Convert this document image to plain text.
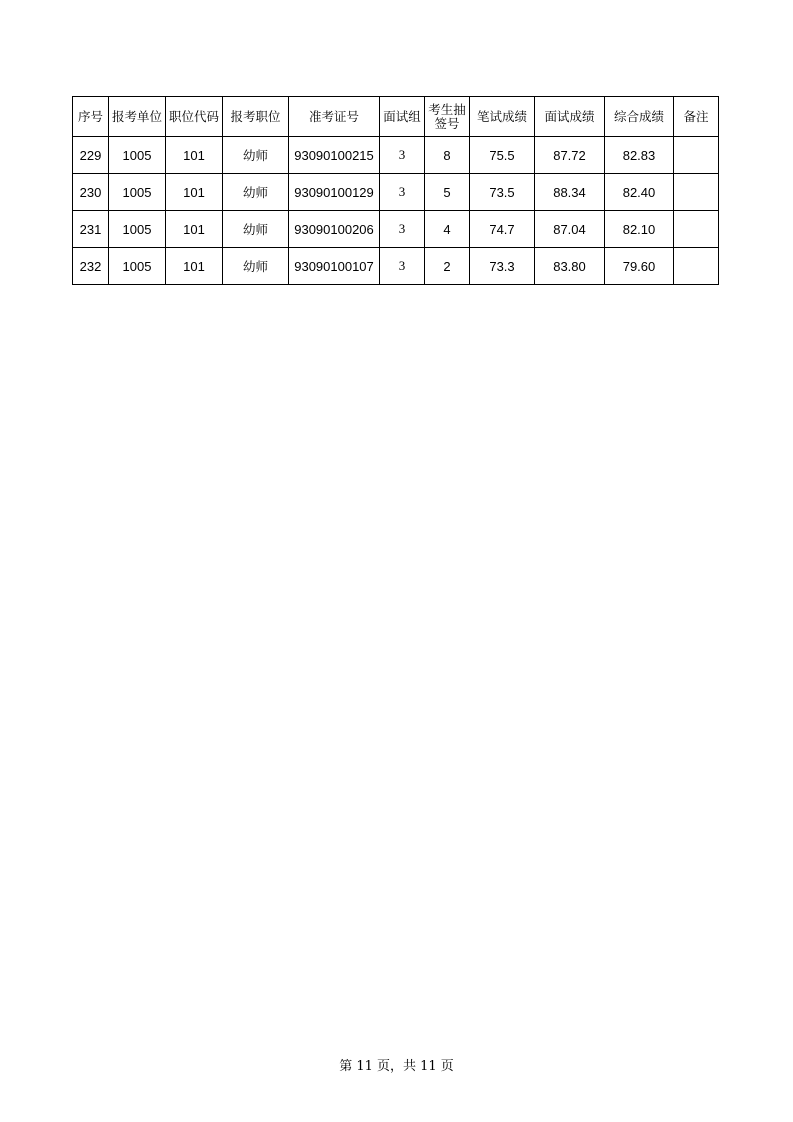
序号	报考单位	职位代码	报考职位	准考证号	面试组	考生抽签号	笔试成绩	面试成绩	综合成绩	备注
229	1005	101	幼师	93090100215	3	8	75.5	87.72	82.83	
230	1005	101	幼师	93090100129	3	5	73.5	88.34	82.40	
231	1005	101	幼师	93090100206	3	4	74.7	87.04	82.10	
232	1005	101	幼师	93090100107	3	2	73.3	83.80	79.60	
第 11 页，共 11 页
